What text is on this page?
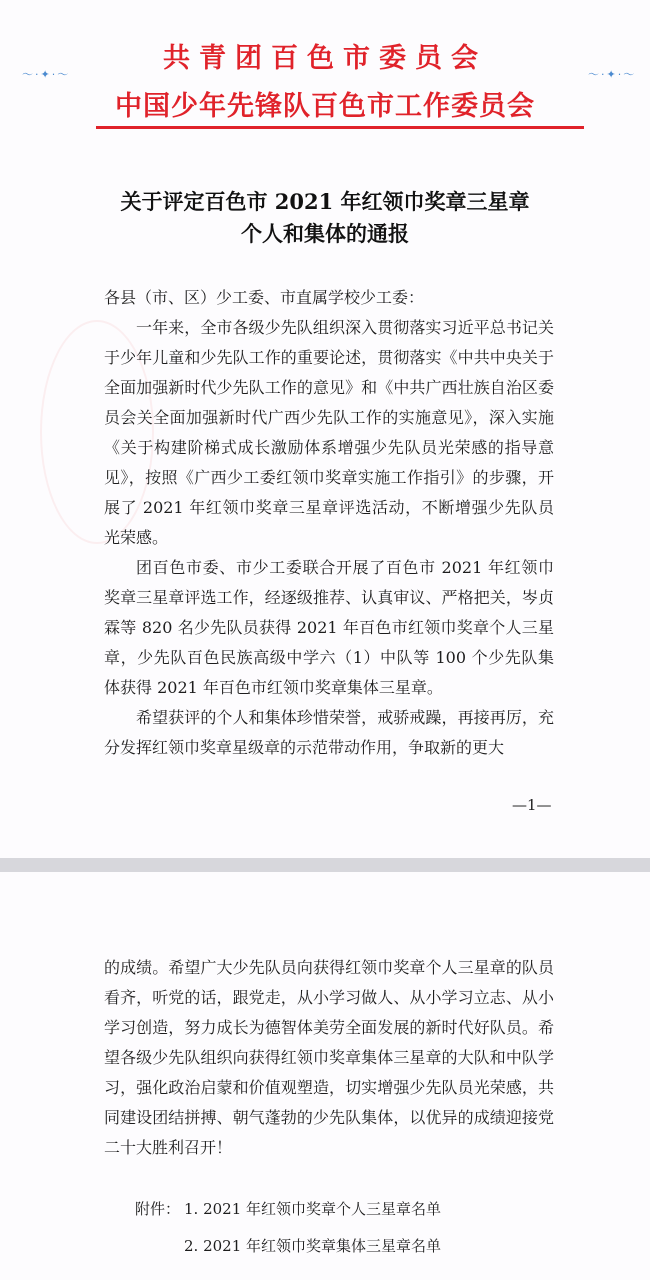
～·✦·～	～·✦·～
共青团百色市委员会
中国少年先锋队百色市工作委员会
关于评定百色市 2021 年红领巾奖章三星章
个人和集体的通报

各县（市、区）少工委、市直属学校少工委：

一年来，全市各级少先队组织深入贯彻落实习近平总书记关于少年儿童和少先队工作的重要论述，贯彻落实《中共中央关于全面加强新时代少先队工作的意见》和《中共广西壮族自治区委员会关全面加强新时代广西少先队工作的实施意见》，深入实施《关于构建阶梯式成长激励体系增强少先队员光荣感的指导意见》，按照《广西少工委红领巾奖章实施工作指引》的步骤，开展了 2021 年红领巾奖章三星章评选活动，不断增强少先队员光荣感。

团百色市委、市少工委联合开展了百色市 2021 年红领巾奖章三星章评选工作，经逐级推荐、认真审议、严格把关，岑贞霖等 820 名少先队员获得 2021 年百色市红领巾奖章个人三星章，少先队百色民族高级中学六（1）中队等 100 个少先队集体获得 2021 年百色市红领巾奖章集体三星章。

希望获评的个人和集体珍惜荣誉，戒骄戒躁，再接再厉，充分发挥红领巾奖章星级章的示范带动作用，争取新的更大

—1—

的成绩。希望广大少先队员向获得红领巾奖章个人三星章的队员看齐，听党的话，跟党走，从小学习做人、从小学习立志、从小学习创造，努力成长为德智体美劳全面发展的新时代好队员。希望各级少先队组织向获得红领巾奖章集体三星章的大队和中队学习，强化政治启蒙和价值观塑造，切实增强少先队员光荣感，共同建设团结拼搏、朝气蓬勃的少先队集体，以优异的成绩迎接党二十大胜利召开！

附件： 1. 2021 年红领巾奖章个人三星章名单
2. 2021 年红领巾奖章集体三星章名单
